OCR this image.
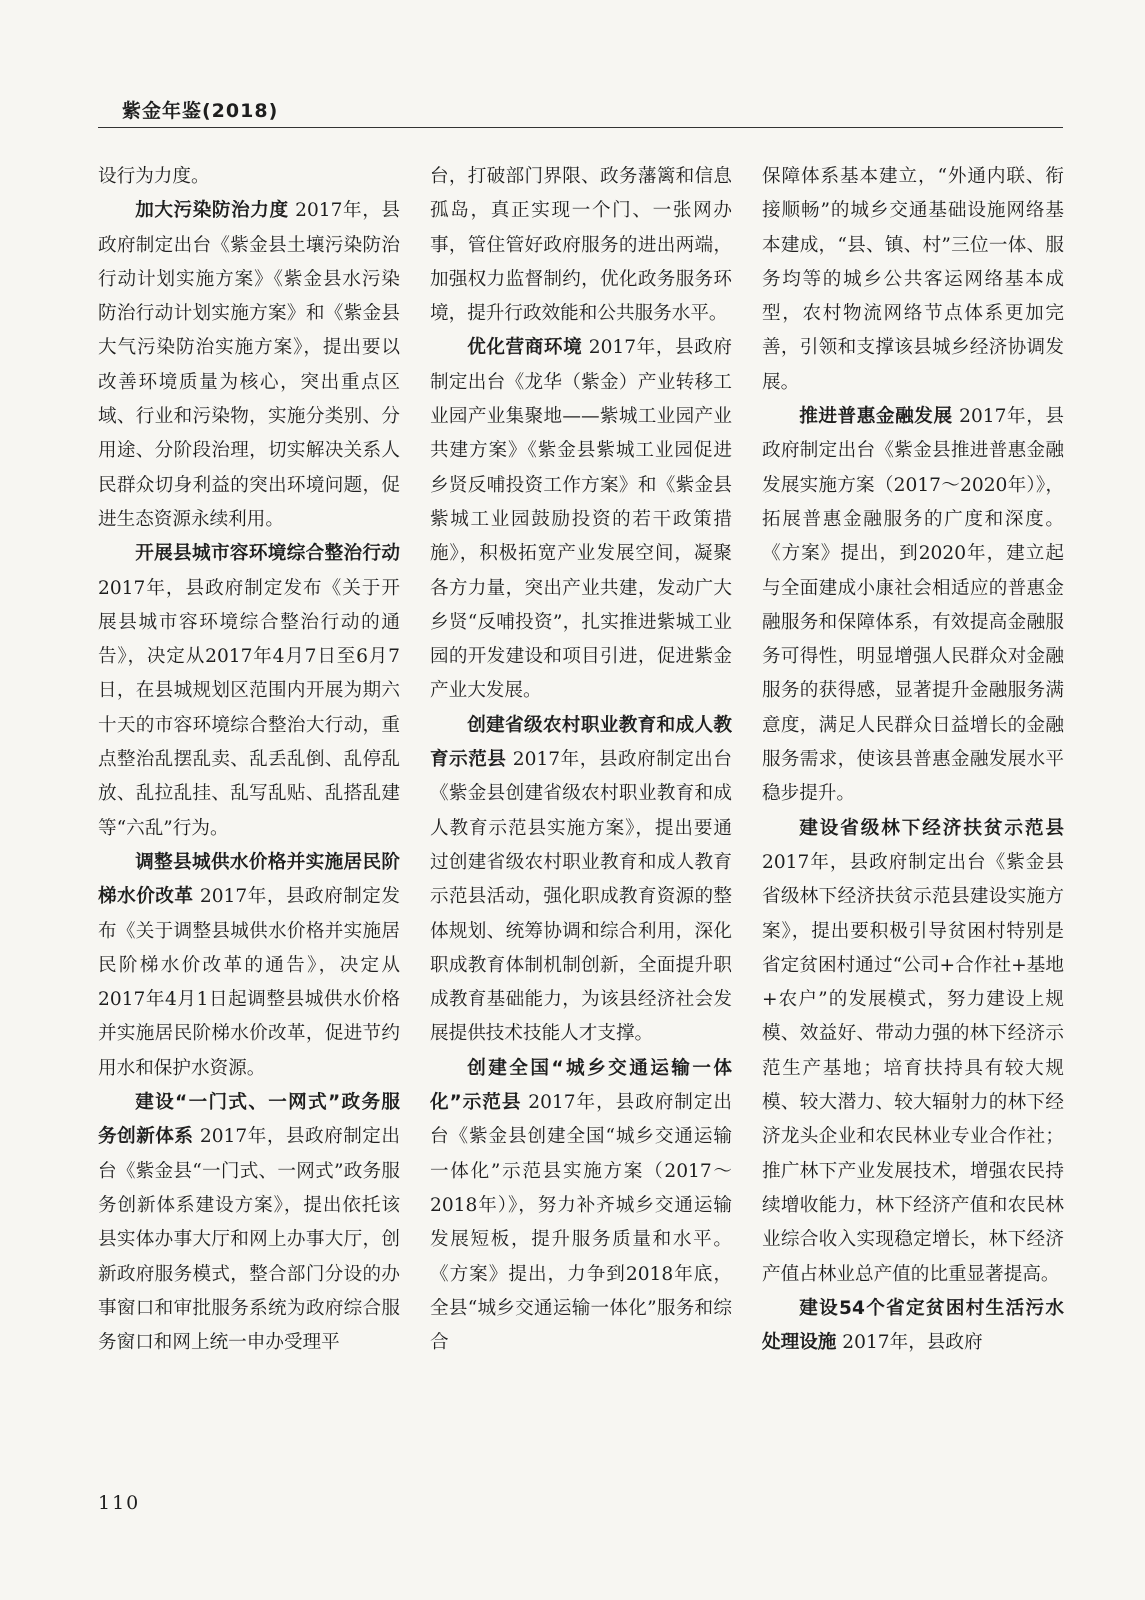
紫金年鉴(2018)

设行为力度。

加大污染防治力度 2017年，县政府制定出台《紫金县土壤污染防治行动计划实施方案》《紫金县水污染防治行动计划实施方案》和《紫金县大气污染防治实施方案》，提出要以改善环境质量为核心，突出重点区域、行业和污染物，实施分类别、分用途、分阶段治理，切实解决关系人民群众切身利益的突出环境问题，促进生态资源永续利用。

开展县城市容环境综合整治行动 2017年，县政府制定发布《关于开展县城市容环境综合整治行动的通告》，决定从2017年4月7日至6月7日，在县城规划区范围内开展为期六十天的市容环境综合整治大行动，重点整治乱摆乱卖、乱丢乱倒、乱停乱放、乱拉乱挂、乱写乱贴、乱搭乱建等“六乱”行为。

调整县城供水价格并实施居民阶梯水价改革 2017年，县政府制定发布《关于调整县城供水价格并实施居民阶梯水价改革的通告》，决定从2017年4月1日起调整县城供水价格并实施居民阶梯水价改革，促进节约用水和保护水资源。

建设“一门式、一网式”政务服务创新体系 2017年，县政府制定出台《紫金县“一门式、一网式”政务服务创新体系建设方案》，提出依托该县实体办事大厅和网上办事大厅，创新政府服务模式，整合部门分设的办事窗口和审批服务系统为政府综合服务窗口和网上统一申办受理平

台，打破部门界限、政务藩篱和信息孤岛，真正实现一个门、一张网办事，管住管好政府服务的进出两端，加强权力监督制约，优化政务服务环境，提升行政效能和公共服务水平。

优化营商环境 2017年，县政府制定出台《龙华（紫金）产业转移工业园产业集聚地——紫城工业园产业共建方案》《紫金县紫城工业园促进乡贤反哺投资工作方案》和《紫金县紫城工业园鼓励投资的若干政策措施》，积极拓宽产业发展空间，凝聚各方力量，突出产业共建，发动广大乡贤“反哺投资”，扎实推进紫城工业园的开发建设和项目引进，促进紫金产业大发展。

创建省级农村职业教育和成人教育示范县 2017年，县政府制定出台《紫金县创建省级农村职业教育和成人教育示范县实施方案》，提出要通过创建省级农村职业教育和成人教育示范县活动，强化职成教育资源的整体规划、统筹协调和综合利用，深化职成教育体制机制创新，全面提升职成教育基础能力，为该县经济社会发展提供技术技能人才支撑。

创建全国“城乡交通运输一体化”示范县 2017年，县政府制定出台《紫金县创建全国“城乡交通运输一体化”示范县实施方案（2017～2018年）》，努力补齐城乡交通运输发展短板，提升服务质量和水平。《方案》提出，力争到2018年底，全县“城乡交通运输一体化”服务和综合

保障体系基本建立，“外通内联、衔接顺畅”的城乡交通基础设施网络基本建成，“县、镇、村”三位一体、服务均等的城乡公共客运网络基本成型，农村物流网络节点体系更加完善，引领和支撑该县城乡经济协调发展。

推进普惠金融发展 2017年，县政府制定出台《紫金县推进普惠金融发展实施方案（2017～2020年）》，拓展普惠金融服务的广度和深度。《方案》提出，到2020年，建立起与全面建成小康社会相适应的普惠金融服务和保障体系，有效提高金融服务可得性，明显增强人民群众对金融服务的获得感，显著提升金融服务满意度，满足人民群众日益增长的金融服务需求，使该县普惠金融发展水平稳步提升。

建设省级林下经济扶贫示范县 2017年，县政府制定出台《紫金县省级林下经济扶贫示范县建设实施方案》，提出要积极引导贫困村特别是省定贫困村通过“公司+合作社+基地+农户”的发展模式，努力建设上规模、效益好、带动力强的林下经济示范生产基地；培育扶持具有较大规模、较大潜力、较大辐射力的林下经济龙头企业和农民林业专业合作社；推广林下产业发展技术，增强农民持续增收能力，林下经济产值和农民林业综合收入实现稳定增长，林下经济产值占林业总产值的比重显著提高。

建设54个省定贫困村生活污水处理设施 2017年，县政府

110
